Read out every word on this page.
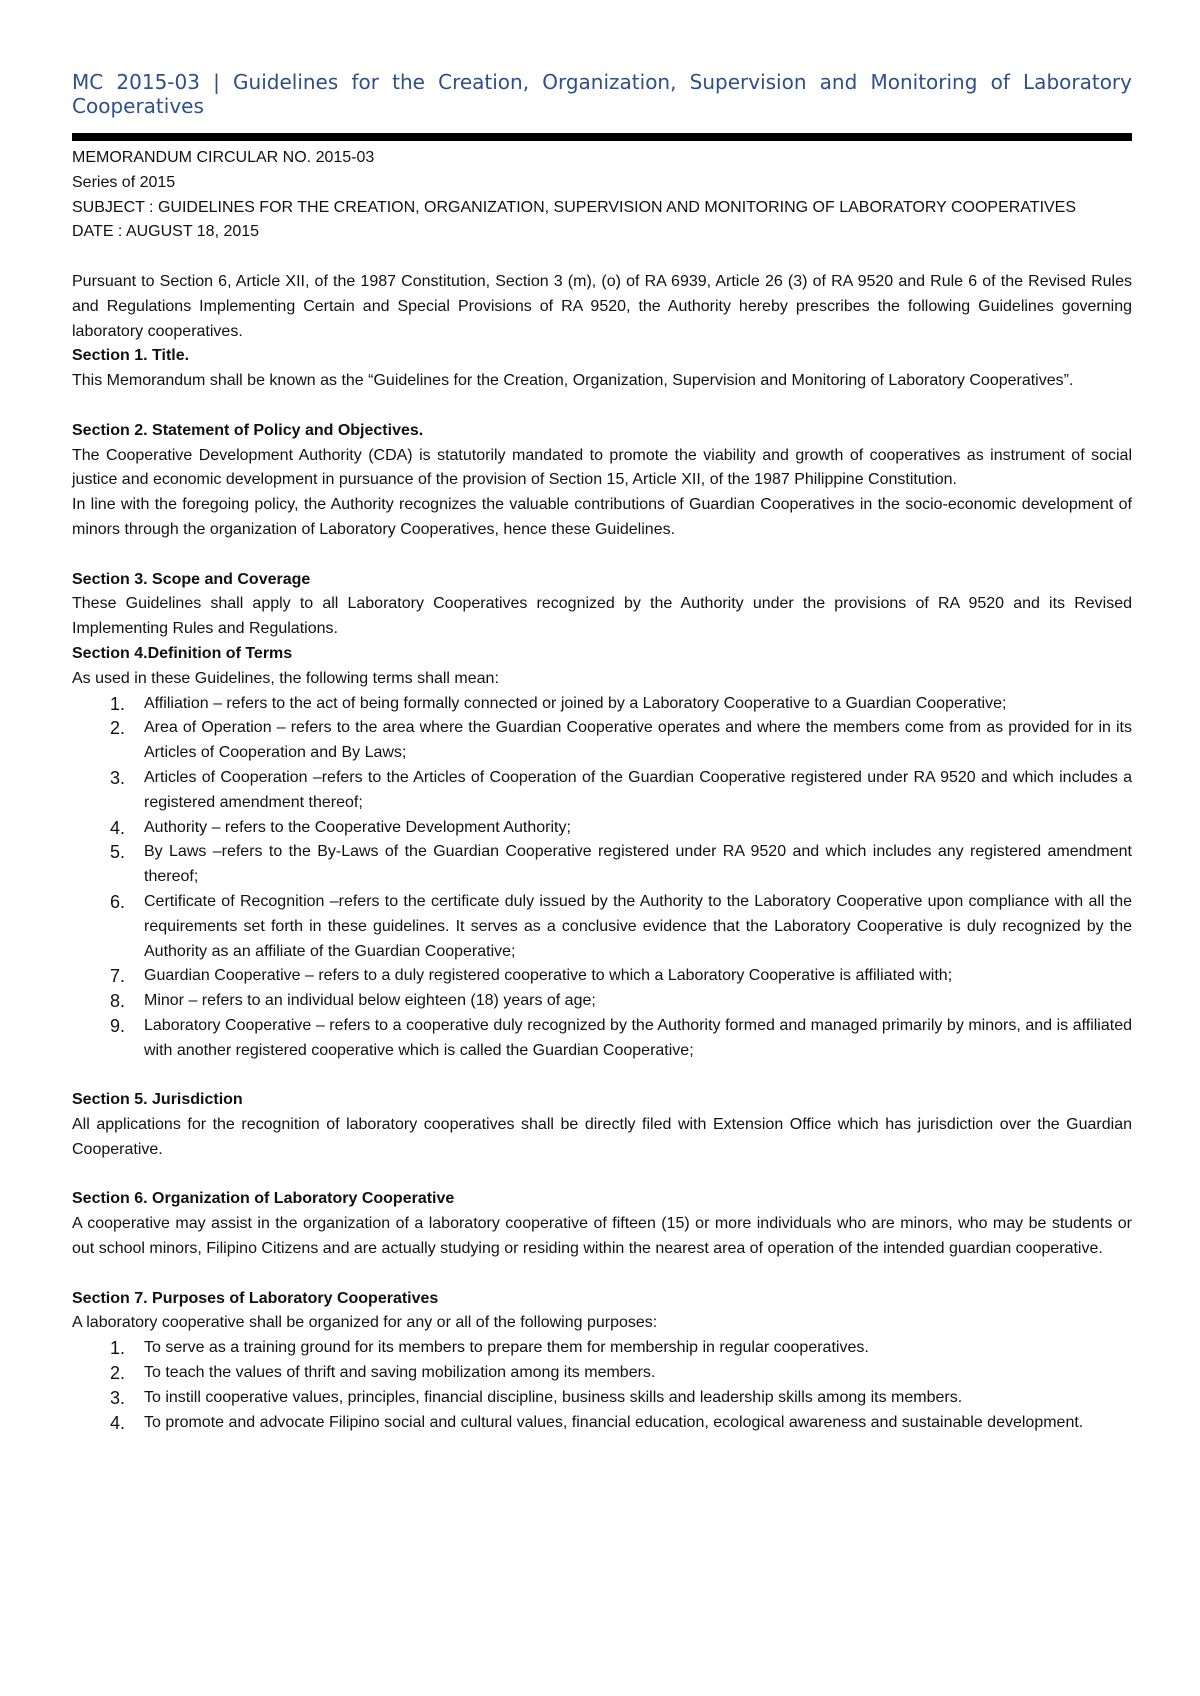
MC 2015-03 | Guidelines for the Creation, Organization, Supervision and Monitoring of Laboratory Cooperatives

MEMORANDUM CIRCULAR NO. 2015-03

Series of 2015

SUBJECT : GUIDELINES FOR THE CREATION, ORGANIZATION, SUPERVISION AND MONITORING OF LABORATORY COOPERATIVES

DATE : AUGUST 18, 2015

Pursuant to Section 6, Article XII, of the 1987 Constitution, Section 3 (m), (o) of RA 6939, Article 26 (3) of RA 9520 and Rule 6 of the Revised Rules and Regulations Implementing Certain and Special Provisions of RA 9520, the Authority hereby prescribes the following Guidelines governing laboratory cooperatives.

Section 1. Title.

This Memorandum shall be known as the “Guidelines for the Creation, Organization, Supervision and Monitoring of Laboratory Cooperatives”.

Section 2. Statement of Policy and Objectives.

The Cooperative Development Authority (CDA) is statutorily mandated to promote the viability and growth of cooperatives as instrument of social justice and economic development in pursuance of the provision of Section 15, Article XII, of the 1987 Philippine Constitution.

In line with the foregoing policy, the Authority recognizes the valuable contributions of Guardian Cooperatives in the socio-economic development of minors through the organization of Laboratory Cooperatives, hence these Guidelines.

Section 3. Scope and Coverage

These Guidelines shall apply to all Laboratory Cooperatives recognized by the Authority under the provisions of RA 9520 and its Revised Implementing Rules and Regulations.

Section 4.Definition of Terms

As used in these Guidelines, the following terms shall mean:

1. Affiliation – refers to the act of being formally connected or joined by a Laboratory Cooperative to a Guardian Cooperative;
2. Area of Operation – refers to the area where the Guardian Cooperative operates and where the members come from as provided for in its Articles of Cooperation and By Laws;
3. Articles of Cooperation –refers to the Articles of Cooperation of the Guardian Cooperative registered under RA 9520 and which includes a registered amendment thereof;
4. Authority – refers to the Cooperative Development Authority;
5. By Laws –refers to the By-Laws of the Guardian Cooperative registered under RA 9520 and which includes any registered amendment thereof;
6. Certificate of Recognition –refers to the certificate duly issued by the Authority to the Laboratory Cooperative upon compliance with all the requirements set forth in these guidelines. It serves as a conclusive evidence that the Laboratory Cooperative is duly recognized by the Authority as an affiliate of the Guardian Cooperative;
7. Guardian Cooperative – refers to a duly registered cooperative to which a Laboratory Cooperative is affiliated with;
8. Minor – refers to an individual below eighteen (18) years of age;
9. Laboratory Cooperative – refers to a cooperative duly recognized by the Authority formed and managed primarily by minors, and is affiliated with another registered cooperative which is called the Guardian Cooperative;

Section 5. Jurisdiction

All applications for the recognition of laboratory cooperatives shall be directly filed with Extension Office which has jurisdiction over the Guardian Cooperative.

Section 6. Organization of Laboratory Cooperative

A cooperative may assist in the organization of a laboratory cooperative of fifteen (15) or more individuals who are minors, who may be students or out school minors, Filipino Citizens and are actually studying or residing within the nearest area of operation of the intended guardian cooperative.

Section 7. Purposes of Laboratory Cooperatives

A laboratory cooperative shall be organized for any or all of the following purposes:

1. To serve as a training ground for its members to prepare them for membership in regular cooperatives.
2. To teach the values of thrift and saving mobilization among its members.
3. To instill cooperative values, principles, financial discipline, business skills and leadership skills among its members.
4. To promote and advocate Filipino social and cultural values, financial education, ecological awareness and sustainable development.
